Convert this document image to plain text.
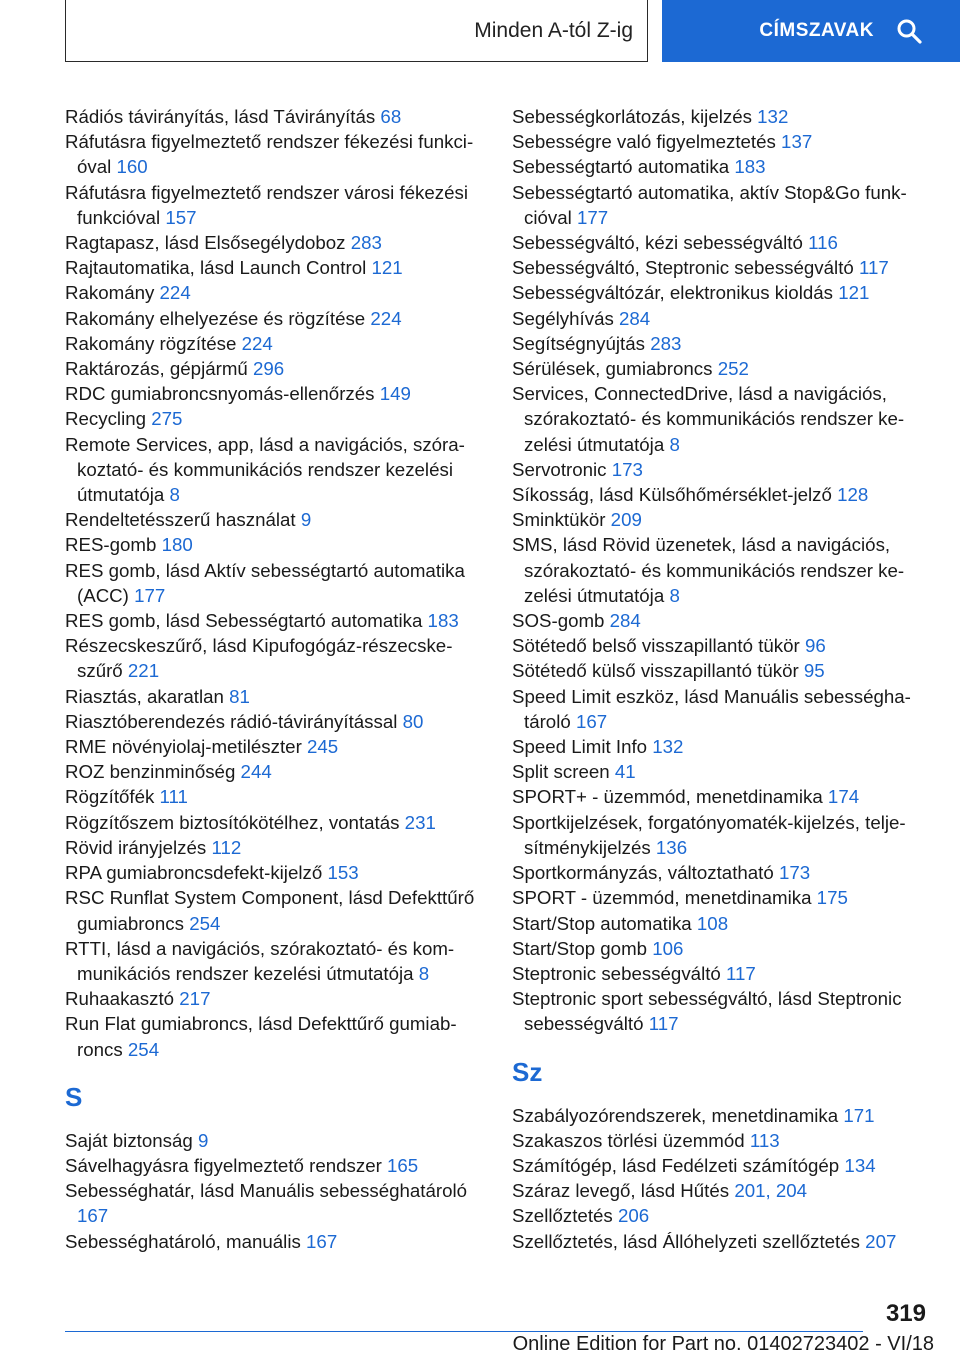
Minden A-tól Z-ig	CÍMSZAVAK
Rádiós távirányítás, lásd Távirányítás 68
Ráfutásra figyelmeztető rendszer fékezési funkcióval 160
Ráfutásra figyelmeztető rendszer városi fékezési funkcióval 157
Ragtapasz, lásd Elsősegélydoboz 283
Rajtautomatika, lásd Launch Control 121
Rakomány 224
Rakomány elhelyezése és rögzítése 224
Rakomány rögzítése 224
Raktározás, gépjármű 296
RDC gumiabroncsnyomás-ellenőrzés 149
Recycling 275
Remote Services, app, lásd a navigációs, szórakoztató- és kommunikációs rendszer kezelési útmutatója 8
Rendeltetésszerű használat 9
RES-gomb 180
RES gomb, lásd Aktív sebességtartó automatika (ACC) 177
RES gomb, lásd Sebességtartó automatika 183
Részecskeszűrő, lásd Kipufogógáz-részecskeszűrő 221
Riasztás, akaratlan 81
Riasztóberendezés rádió-távirányítással 80
RME növényiolaj-metilészter 245
ROZ benzinminőség 244
Rögzítőfék 111
Rögzítőszem biztosítókötélhez, vontatás 231
Rövid irányjelzés 112
RPA gumiabroncsdefekt-kijelző 153
RSC Runflat System Component, lásd Defekttűrő gumiabroncs 254
RTTI, lásd a navigációs, szórakoztató- és kommunikációs rendszer kezelési útmutatója 8
Ruhaakasztó 217
Run Flat gumiabroncs, lásd Defekttűrő gumiabroncs 254
S
Saját biztonság 9
Sávelhagyásra figyelmeztető rendszer 165
Sebességhatár, lásd Manuális sebességhatároló 167
Sebességhatároló, manuális 167
Sebességkorlátozás, kijelzés 132
Sebességre való figyelmeztetés 137
Sebességtartó automatika 183
Sebességtartó automatika, aktív Stop&Go funkcióval 177
Sebességváltó, kézi sebességváltó 116
Sebességváltó, Steptronic sebességváltó 117
Sebességváltózár, elektronikus kioldás 121
Segélyhívás 284
Segítségnyújtás 283
Sérülések, gumiabroncs 252
Services, ConnectedDrive, lásd a navigációs, szórakoztató- és kommunikációs rendszer kezelési útmutatója 8
Servotronic 173
Síkosság, lásd Külsőhőmérséklet-jelző 128
Sminktükör 209
SMS, lásd Rövid üzenetek, lásd a navigációs, szórakoztató- és kommunikációs rendszer kezelési útmutatója 8
SOS-gomb 284
Sötétedő belső visszapillantó tükör 96
Sötétedő külső visszapillantó tükör 95
Speed Limit eszköz, lásd Manuális sebességhatároló 167
Speed Limit Info 132
Split screen 41
SPORT+ - üzemmód, menetdinamika 174
Sportkijelzések, forgatónyomaték-kijelzés, teljesítménykijelzés 136
Sportkormányzás, változtatható 173
SPORT - üzemmód, menetdinamika 175
Start/Stop automatika 108
Start/Stop gomb 106
Steptronic sebességváltó 117
Steptronic sport sebességváltó, lásd Steptronic sebességváltó 117
Sz
Szabályozórendszerek, menetdinamika 171
Szakaszos törlési üzemmód 113
Számítógép, lásd Fedélzeti számítógép 134
Száraz levegő, lásd Hűtés 201, 204
Szellőztetés 206
Szellőztetés, lásd Állóhelyzeti szellőztetés 207
319
Online Edition for Part no. 01402723402 - VI/18
